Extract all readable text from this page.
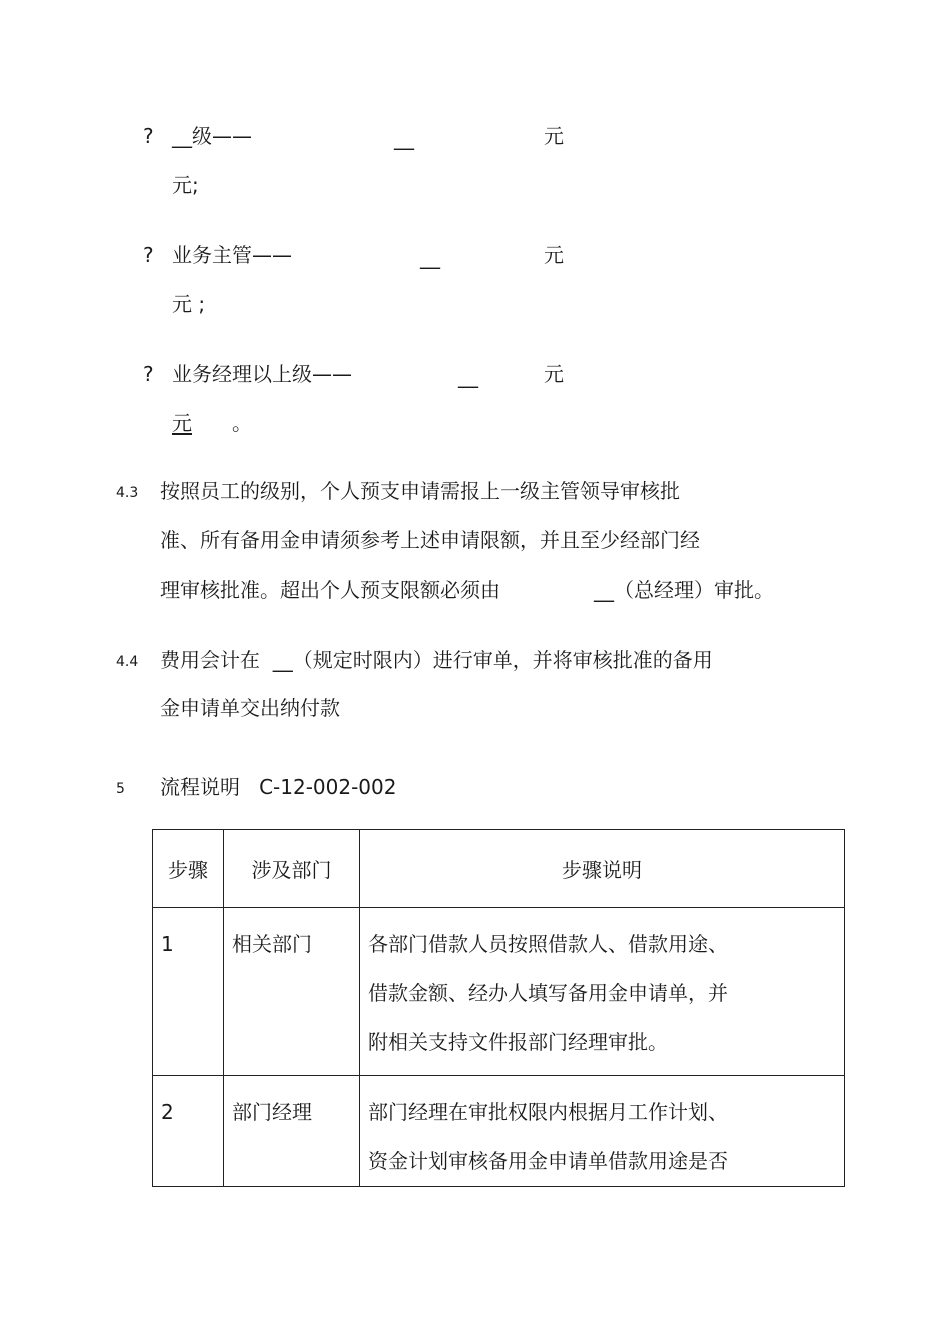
? __级——	__	元
元;
? 业务主管——	__	元
元 ;
? 业务经理以上级——	__	元
元 。
4.3 按照员工的级别，个人预支申请需报上一级主管领导审核批
准、所有备用金申请须参考上述申请限额，并且至少经部门经
理审核批准。超出个人预支限额必须由	__（总经理）审批。
4.4 费用会计在  __（规定时限内）进行审单，并将审核批准的备用
金申请单交出纳付款
5 流程说明   C-12-002-002
步骤	涉及部门	步骤说明

1	相关部门	各部门借款人员按照借款人、借款用途、
借款金额、经办人填写备用金申请单，并
附相关支持文件报部门经理审批。

2	部门经理	部门经理在审批权限内根据月工作计划、
资金计划审核备用金申请单借款用途是否
